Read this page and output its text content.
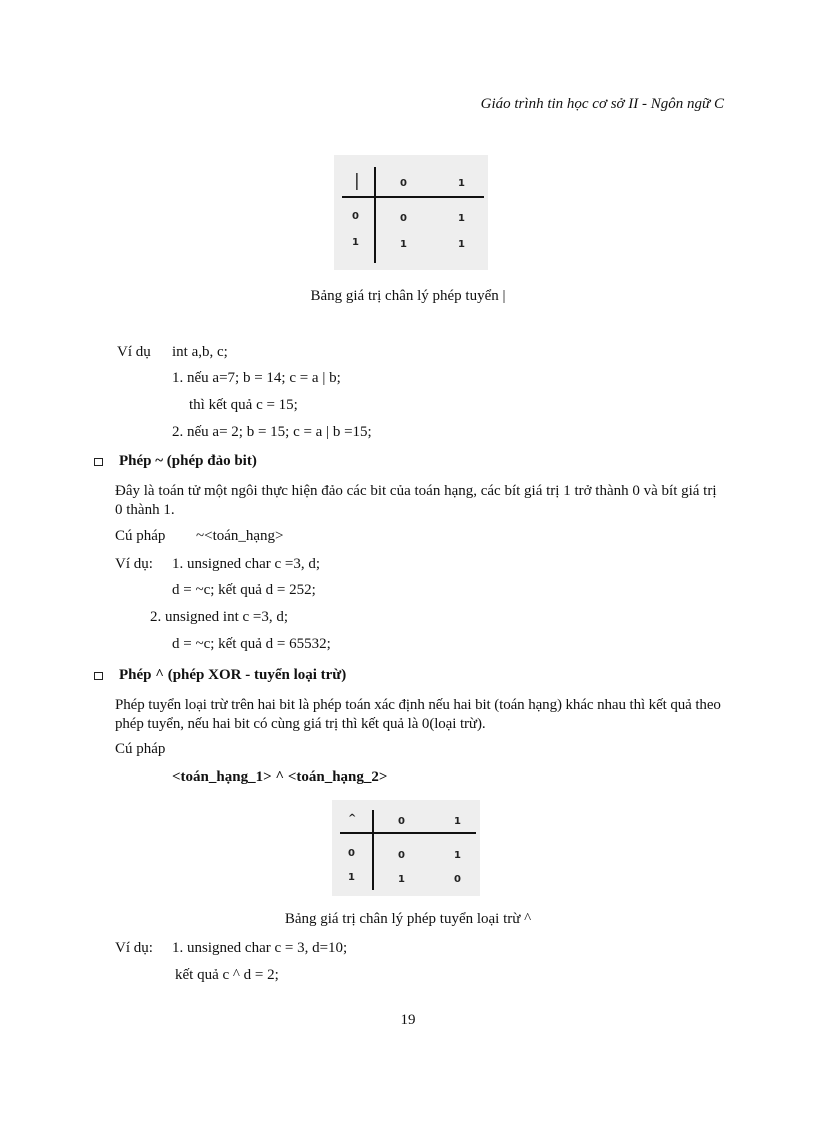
Giáo trình tin học cơ sở II - Ngôn ngữ C
|	0	1
0	0	1
1	1	1
Bảng giá trị chân lý phép tuyển |
Ví dụ int a,b, c;
1. nếu a=7; b = 14; c = a | b;
thì kết quả c = 15;
2. nếu a= 2; b = 15; c = a | b =15;
Phép ~ (phép đảo bit)
Đây là toán tử một ngôi thực hiện đảo các bit của toán hạng, các bít giá trị 1 trở thành 0 và bít giá trị 0 thành 1.
Cú pháp ~<toán_hạng>
Ví dụ: 1. unsigned char c =3, d;
d = ~c; kết quả d = 252;
2. unsigned int c =3, d;
d = ~c; kết quả d = 65532;
Phép ^ (phép XOR - tuyển loại trừ)
Phép tuyển loại trừ trên hai bit là phép toán xác định nếu hai bit (toán hạng) khác nhau thì kết quả theo phép tuyển, nếu hai bit có cùng giá trị thì kết quả là 0(loại trừ).
Cú pháp
<toán_hạng_1> ^ <toán_hạng_2>
^	0	1
0	0	1
1	1	0
Bảng giá trị chân lý phép tuyển loại trừ ^
Ví dụ: 1. unsigned char c = 3, d=10;
kết quả c ^ d = 2;
19
